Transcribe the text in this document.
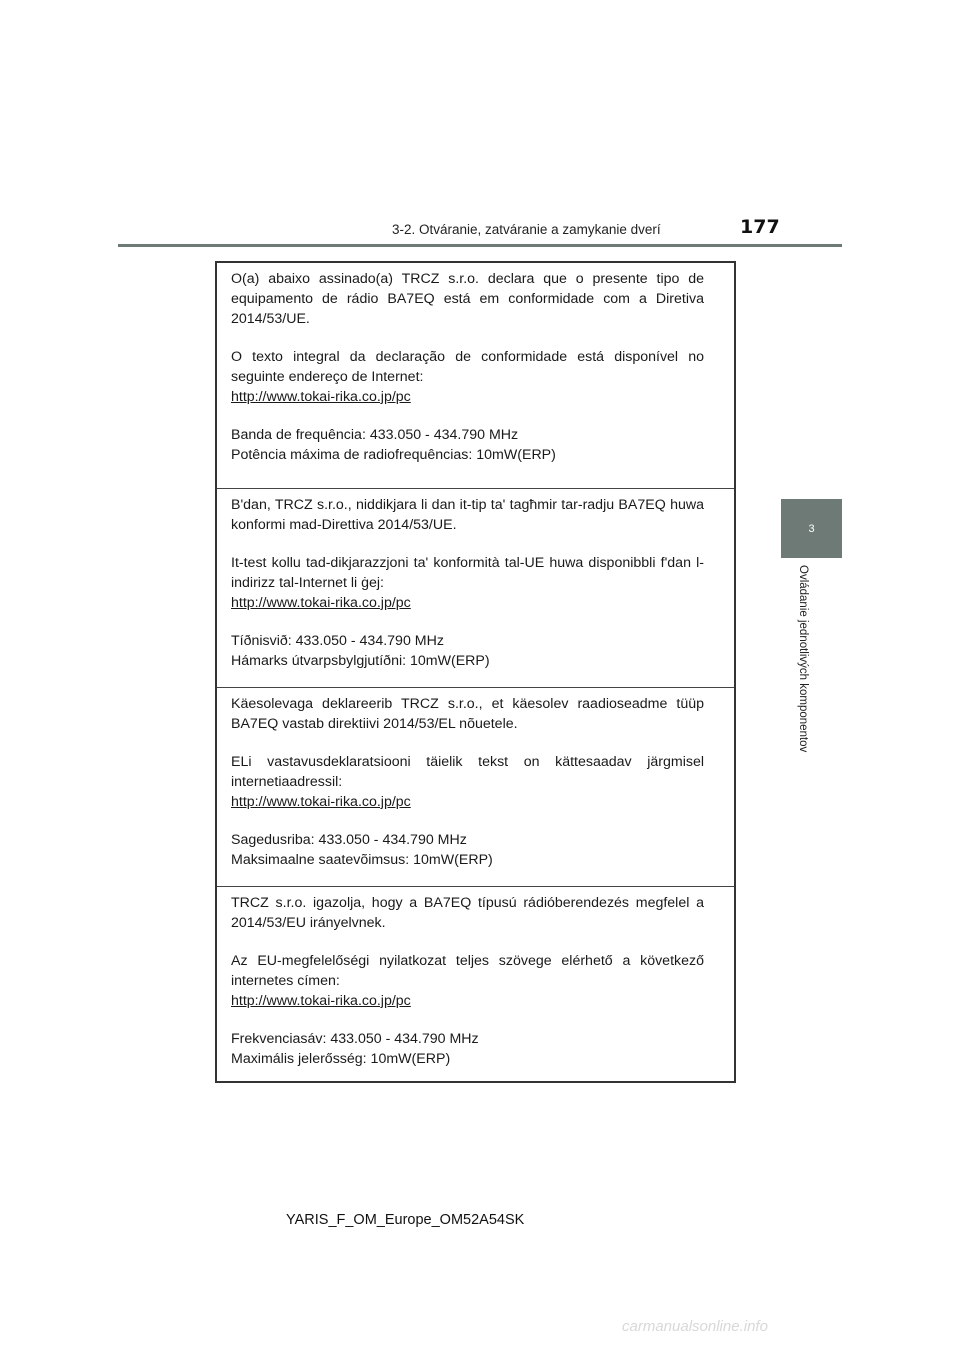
3-2. Otváranie, zatváranie a zamykanie dverí	177
3
Ovládanie jednotlivých komponentov

O(a) abaixo assinado(a) TRCZ s.r.o. declara que o presente tipo de equipamento de rádio BA7EQ está em conformidade com a Diretiva 2014/53/UE.

O texto integral da declaração de conformidade está disponível no seguinte endereço de Internet:

http://www.tokai-rika.co.jp/pc
Banda de frequência: 433.050 - 434.790 MHz
Potência máxima de radiofrequências: 10mW(ERP)

B'dan, TRCZ s.r.o., niddikjara li dan it-tip ta' tagħmir tar-radju BA7EQ huwa konformi mad-Direttiva 2014/53/UE.

It-test kollu tad-dikjarazzjoni ta' konformità tal-UE huwa disponibbli f'dan l-indirizz tal-Internet li ġej:

http://www.tokai-rika.co.jp/pc
Tíðnisvið: 433.050 - 434.790 MHz
Hámarks útvarpsbylgjutíðni: 10mW(ERP)

Käesolevaga deklareerib TRCZ s.r.o., et käesolev raadioseadme tüüp BA7EQ vastab direktiivi 2014/53/EL nõuetele.

ELi vastavusdeklaratsiooni täielik tekst on kättesaadav järgmisel internetiaadressil:

http://www.tokai-rika.co.jp/pc
Sagedusriba: 433.050 - 434.790 MHz
Maksimaalne saatevõimsus: 10mW(ERP)

TRCZ s.r.o. igazolja, hogy a BA7EQ típusú rádióberendezés megfelel a 2014/53/EU irányelvnek.

Az EU-megfelelőségi nyilatkozat teljes szövege elérhető a következő internetes címen:

http://www.tokai-rika.co.jp/pc
Frekvenciasáv: 433.050 - 434.790 MHz
Maximális jelerősség: 10mW(ERP)
YARIS_F_OM_Europe_OM52A54SK
carmanualsonline.info
